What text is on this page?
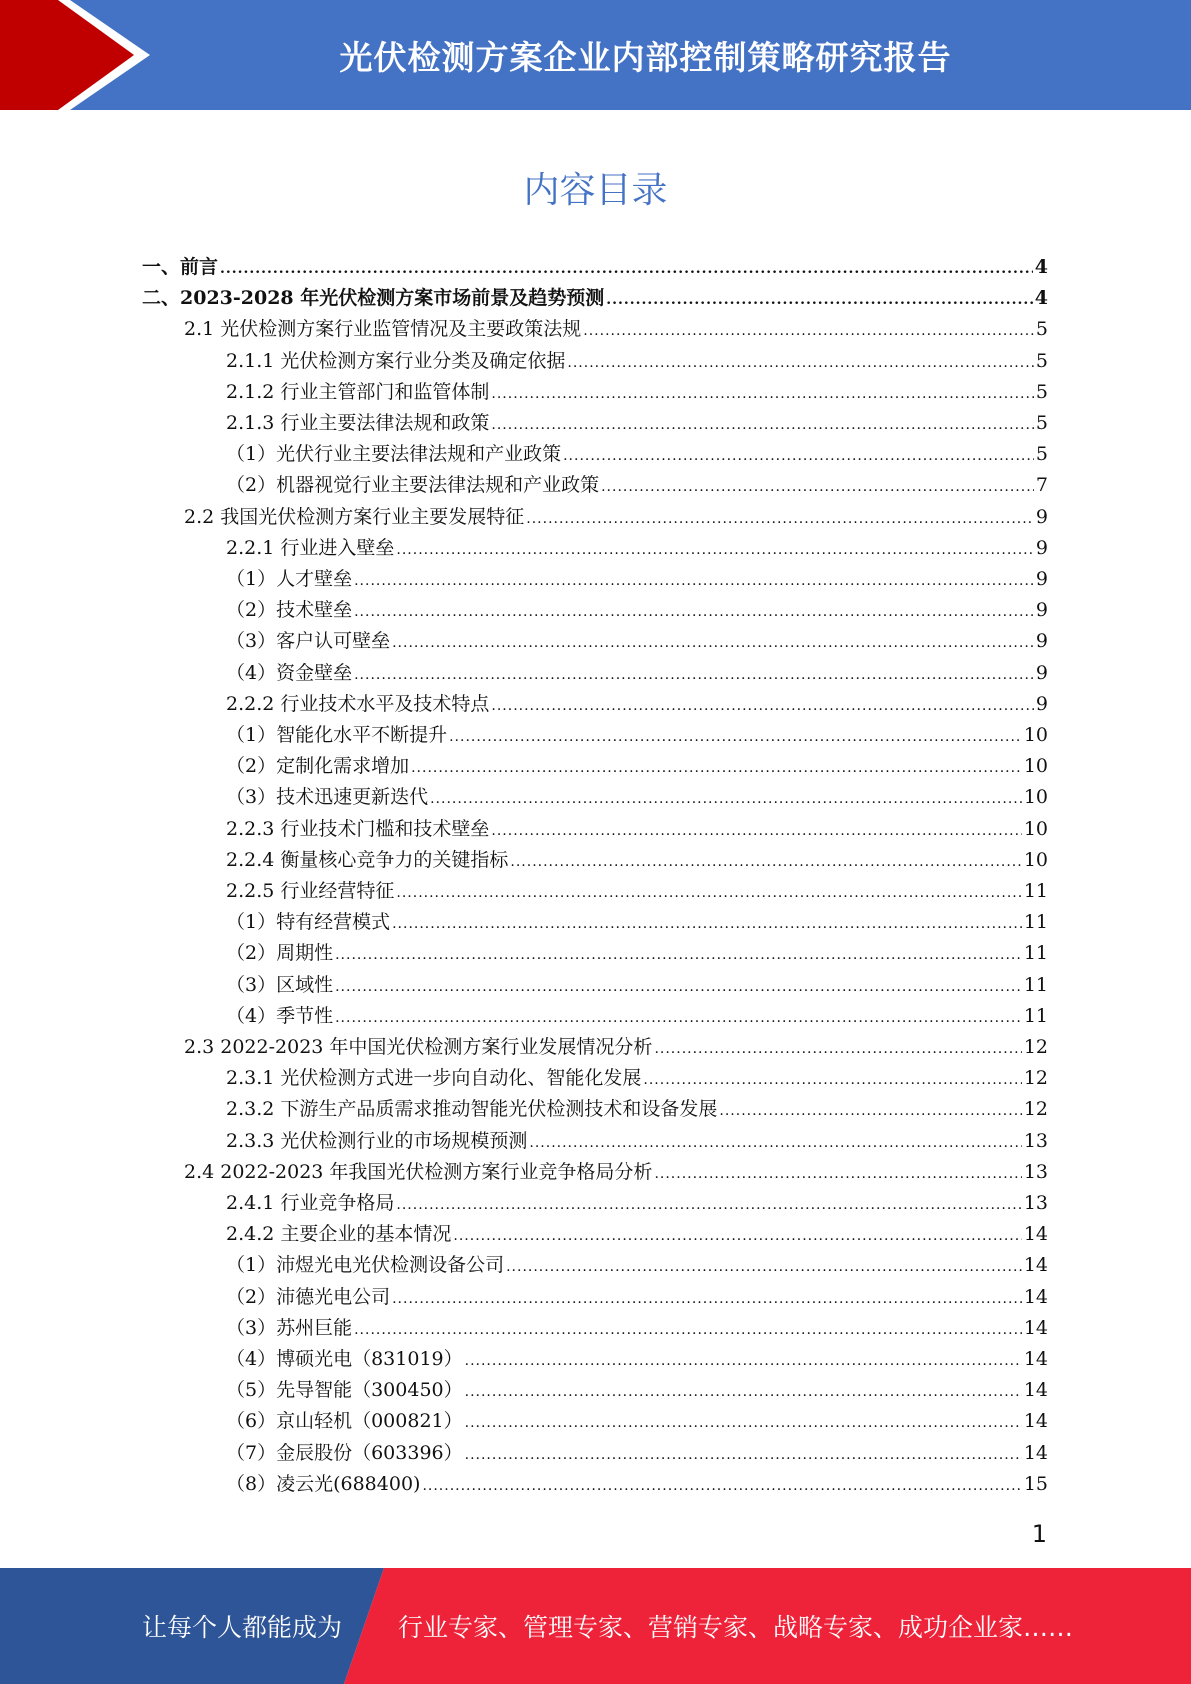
光伏检测方案企业内部控制策略研究报告
内容目录
一、前言 .....	4
二、2023-2028 年光伏检测方案市场前景及趋势预测 .....	4
2.1 光伏检测方案行业监管情况及主要政策法规 .....	5
2.1.1 光伏检测方案行业分类及确定依据 .....	5
2.1.2 行业主管部门和监管体制 .....	5
2.1.3 行业主要法律法规和政策 .....	5
（1）光伏行业主要法律法规和产业政策 .....	5
（2）机器视觉行业主要法律法规和产业政策 .....	7
2.2 我国光伏检测方案行业主要发展特征 .....	9
2.2.1 行业进入壁垒 .....	9
（1）人才壁垒 .....	9
（2）技术壁垒 .....	9
（3）客户认可壁垒 .....	9
（4）资金壁垒 .....	9
2.2.2 行业技术水平及技术特点 .....	9
（1）智能化水平不断提升 .....	10
（2）定制化需求增加 .....	10
（3）技术迅速更新迭代 .....	10
2.2.3 行业技术门槛和技术壁垒 .....	10
2.2.4 衡量核心竞争力的关键指标 .....	10
2.2.5 行业经营特征 .....	11
（1）特有经营模式 .....	11
（2）周期性 .....	11
（3）区域性 .....	11
（4）季节性 .....	11
2.3 2022-2023 年中国光伏检测方案行业发展情况分析 .....	12
2.3.1 光伏检测方式进一步向自动化、智能化发展 .....	12
2.3.2 下游生产品质需求推动智能光伏检测技术和设备发展 .....	12
2.3.3 光伏检测行业的市场规模预测 .....	13
2.4 2022-2023 年我国光伏检测方案行业竞争格局分析 .....	13
2.4.1 行业竞争格局 .....	13
2.4.2 主要企业的基本情况 .....	14
（1）沛煜光电光伏检测设备公司 .....	14
（2）沛德光电公司 .....	14
（3）苏州巨能 .....	14
（4）博硕光电（831019） .....	14
（5）先导智能（300450） .....	14
（6）京山轻机（000821） .....	14
（7）金辰股份（603396） .....	14
（8）凌云光(688400) .....	15
1
让每个人都能成为 行业专家、管理专家、营销专家、战略专家、成功企业家……
